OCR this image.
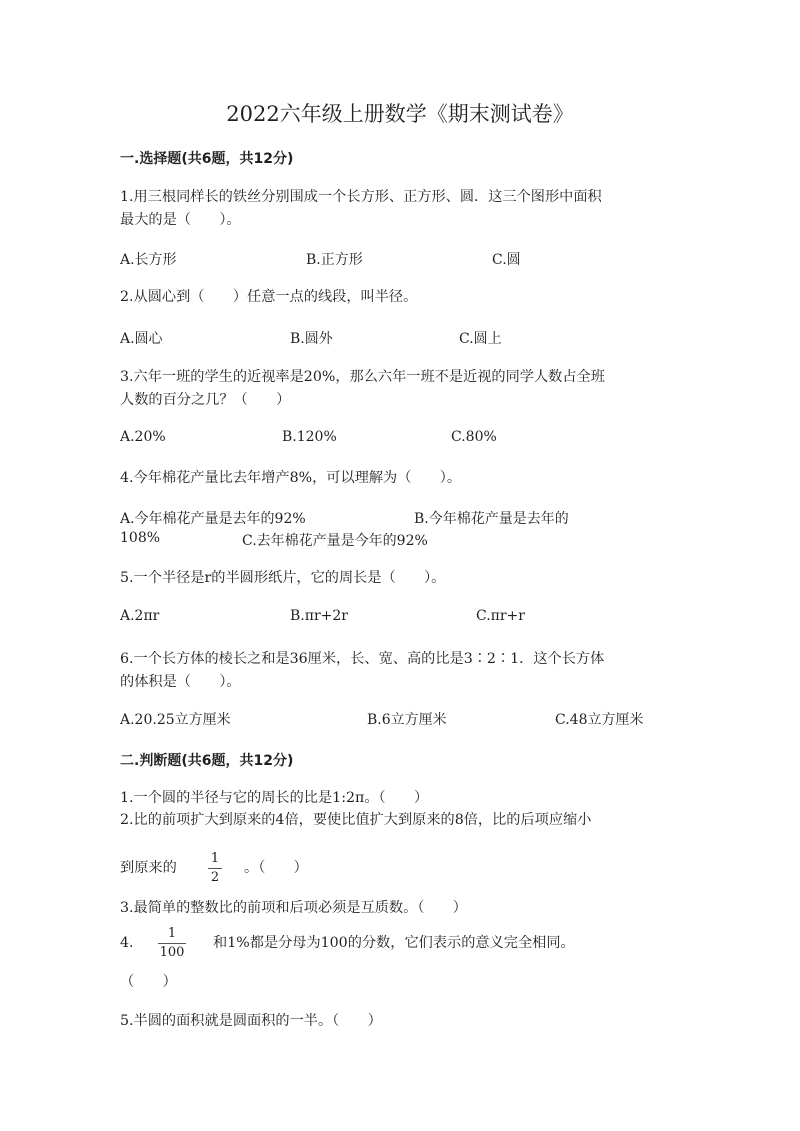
2022六年级上册数学《期末测试卷》
一.选择题(共6题，共12分)
1.用三根同样长的铁丝分别围成一个长方形、正方形、圆．这三个图形中面积
最大的是（　　）。
A.长方形	B.正方形	C.圆
2.从圆心到（　　）任意一点的线段，叫半径。
A.圆心	B.圆外	C.圆上
3.六年一班的学生的近视率是20%，那么六年一班不是近视的同学人数占全班
人数的百分之几？（　　）
A.20%	B.120%	C.80%
4.今年棉花产量比去年增产8%，可以理解为（　　）。
A.今年棉花产量是去年的92%	B.今年棉花产量是去年的
108%	C.去年棉花产量是今年的92%
5.一个半径是r的半圆形纸片，它的周长是（　　）。
A.2πr	B.πr+2r	C.πr+r
6.一个长方体的棱长之和是36厘米，长、宽、高的比是3∶2∶1．这个长方体
的体积是（　　）。
A.20.25立方厘米	B.6立方厘米	C.48立方厘米
二.判断题(共6题，共12分)
1.一个圆的半径与它的周长的比是1:2π。（　　）
2.比的前项扩大到原来的4倍，要使比值扩大到原来的8倍，比的后项应缩小
到原来的
1
2
。（　　）
3.最简单的整数比的前项和后项必须是互质数。（　　）
4.
1
100
和1%都是分母为100的分数，它们表示的意义完全相同。
（　　）
5.半圆的面积就是圆面积的一半。（　　）
